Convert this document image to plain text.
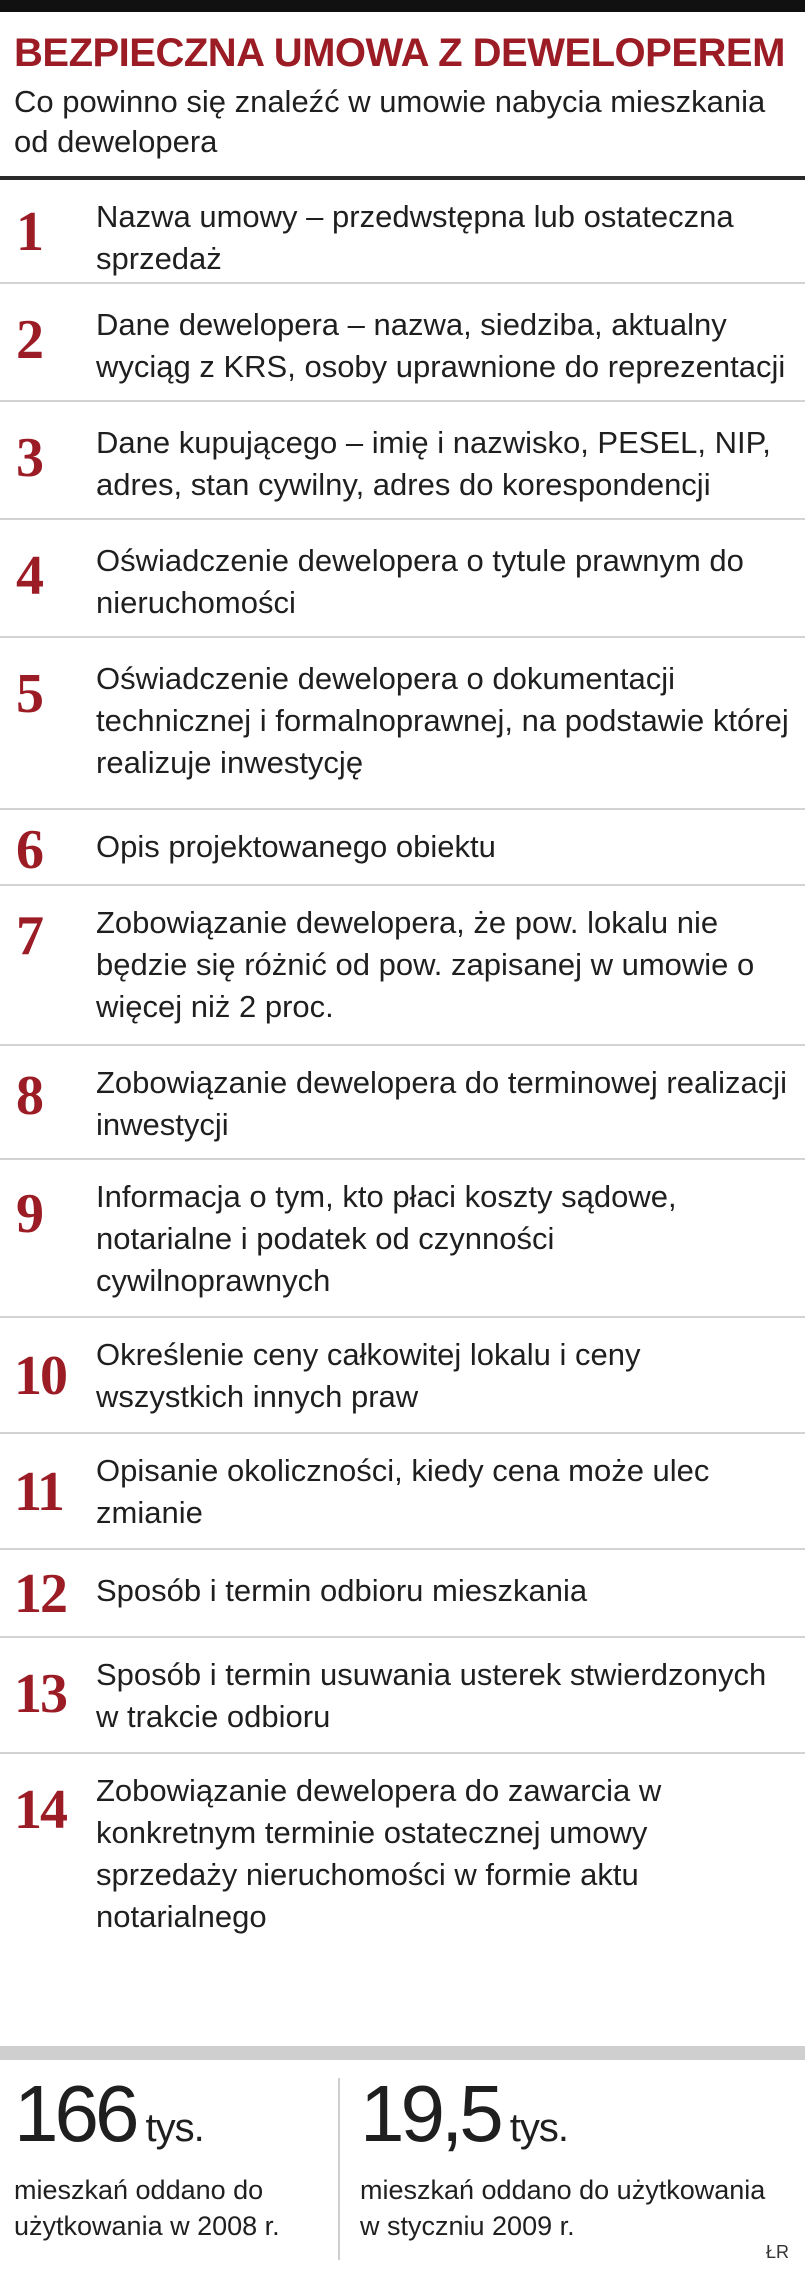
BEZPIECZNA UMOWA Z DEWELOPEREM

Co powinno się znaleźć w umowie nabycia mieszkania od dewelopera

1	Nazwa umowy – przedwstępna lub ostateczna sprzedaż
2	Dane dewelopera – nazwa, siedziba, aktualny wyciąg z KRS, osoby uprawnione do reprezentacji
3	Dane kupującego – imię i nazwisko, PESEL, NIP, adres, stan cywilny, adres do korespondencji
4	Oświadczenie dewelopera o tytule prawnym do nieruchomości
5	Oświadczenie dewelopera o dokumentacji technicznej i formalnoprawnej, na podstawie której realizuje inwestycję
6	Opis projektowanego obiektu
7	Zobowiązanie dewelopera, że pow. lokalu nie będzie się różnić od pow. zapisanej w umowie o więcej niż 2 proc.
8	Zobowiązanie dewelopera do terminowej realizacji inwestycji
9	Informacja o tym, kto płaci koszty sądowe, notarialne i podatek od czynności cywilnoprawnych
10 Określenie ceny całkowitej lokalu i ceny wszystkich innych praw
11	Opisanie okoliczności, kiedy cena może ulec zmianie
12 Sposób i termin odbioru mieszkania
13 Sposób i termin usuwania usterek stwierdzonych w trakcie odbioru
14 Zobowiązanie dewelopera do zawarcia w konkretnym terminie ostatecznej umowy sprzedaży nieruchomości w formie aktu notarialnego
166 tys.
mieszkań oddano do użytkowania w 2008 r.
19,5 tys.
mieszkań oddano do użytkowania w styczniu 2009 r.
ŁR
